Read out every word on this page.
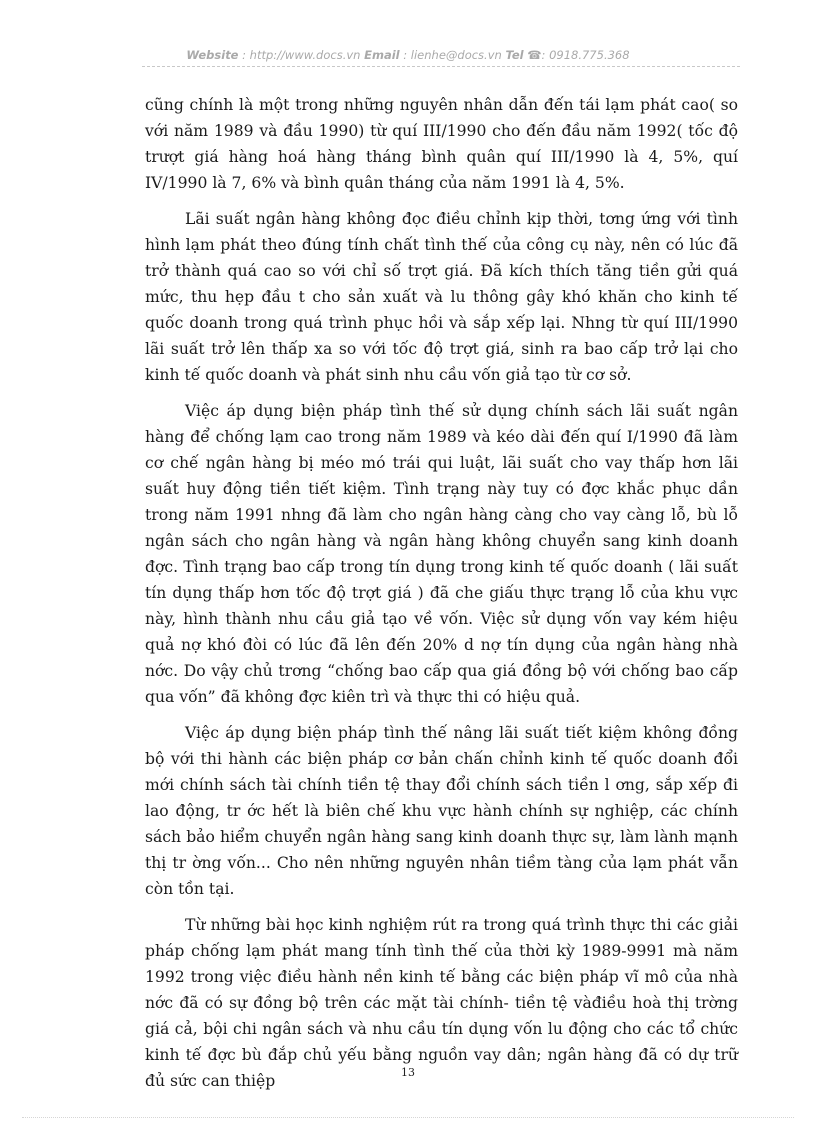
Website : http://www.docs.vn Email : lienhe@docs.vn Tel ☎: 0918.775.368

cũng chính là một trong những nguyên nhân dẫn đến tái lạm phát cao( so với năm 1989 và đầu 1990) từ quí III/1990 cho đến đầu năm 1992( tốc độ trượt giá hàng hoá hàng tháng bình quân quí III/1990 là 4, 5%, quí IV/1990 là 7, 6% và bình quân tháng của năm 1991 là 4, 5%.

Lãi suất ngân hàng không đọc điều chỉnh kịp thời, tơng ứng với tình hình lạm phát theo đúng tính chất tình thế của công cụ này, nên có lúc đã trở thành quá cao so với chỉ số trợt giá. Đã kích thích tăng tiền gửi quá mức, thu hẹp đầu t cho sản xuất và lu thông gây khó khăn cho kinh tế quốc doanh trong quá trình phục hồi và sắp xếp lại. Nhng từ quí III/1990 lãi suất trở lên thấp xa so với tốc độ trợt giá, sinh ra bao cấp trở lại cho kinh tế quốc doanh và phát sinh nhu cầu vốn giả tạo từ cơ sở.

Việc áp dụng biện pháp tình thế sử dụng chính sách lãi suất ngân hàng để chống lạm cao trong năm 1989 và kéo dài đến quí I/1990 đã làm cơ chế ngân hàng bị méo mó trái qui luật, lãi suất cho vay thấp hơn lãi suất huy động tiền tiết kiệm. Tình trạng này tuy có đợc khắc phục dần trong năm 1991 nhng đã làm cho ngân hàng càng cho vay càng lỗ, bù lỗ ngân sách cho ngân hàng và ngân hàng không chuyển sang kinh doanh đợc. Tình trạng bao cấp trong tín dụng trong kinh tế quốc doanh ( lãi suất tín dụng thấp hơn tốc độ trợt giá ) đã che giấu thực trạng lỗ của khu vực này, hình thành nhu cầu giả tạo về vốn. Việc sử dụng vốn vay kém hiệu quả nợ khó đòi có lúc đã lên đến 20% d nợ tín dụng của ngân hàng nhà nớc. Do vậy chủ trơng “chống bao cấp qua giá đồng bộ với chống bao cấp qua vốn” đã không đợc kiên trì và thực thi có hiệu quả.

Việc áp dụng biện pháp tình thế nâng lãi suất tiết kiệm không đồng bộ với thi hành các biện pháp cơ bản chấn chỉnh kinh tế quốc doanh đổi mới chính sách tài chính tiền tệ thay đổi chính sách tiền l ơng, sắp xếp đi lao động, tr ớc hết là biên chế khu vực hành chính sự nghiệp, các chính sách bảo hiểm chuyển ngân hàng sang kinh doanh thực sự, làm lành mạnh thị tr ờng vốn... Cho nên những nguyên nhân tiềm tàng của lạm phát vẫn còn tồn tại.

Từ những bài học kinh nghiệm rút ra trong quá trình thực thi các giải pháp chống lạm phát mang tính tình thế của thời kỳ 1989-9991 mà năm 1992 trong việc điều hành nền kinh tế bằng các biện pháp vĩ mô của nhà nớc đã có sự đồng bộ trên các mặt tài chính- tiền tệ vàđiều hoà thị trờng giá cả, bội chi ngân sách và nhu cầu tín dụng vốn lu động cho các tổ chức kinh tế đợc bù đắp chủ yếu bằng nguồn vay dân; ngân hàng đã có dự trữ đủ sức can thiệp	13
